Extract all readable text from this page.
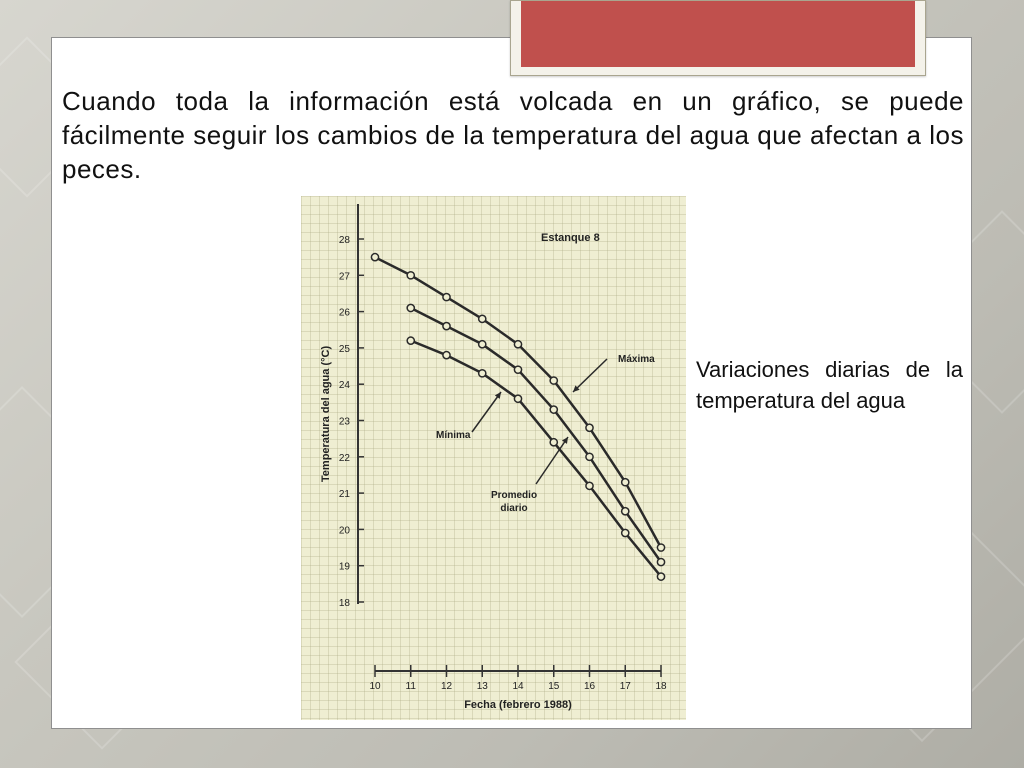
Cuando toda la información está volcada en un gráfico, se puede fácilmente seguir los cambios de la temperatura del agua que afectan a los peces.

18
19
20
21
22
23
24
25
26
27
28
10 11 12 13 14 15 16 17 18
Fecha (febrero 1988)
Temperatura del agua (°C)
Estanque 8
Máxima
Mínima
Promedio
diario

Variaciones diarias de la temperatura del agua
